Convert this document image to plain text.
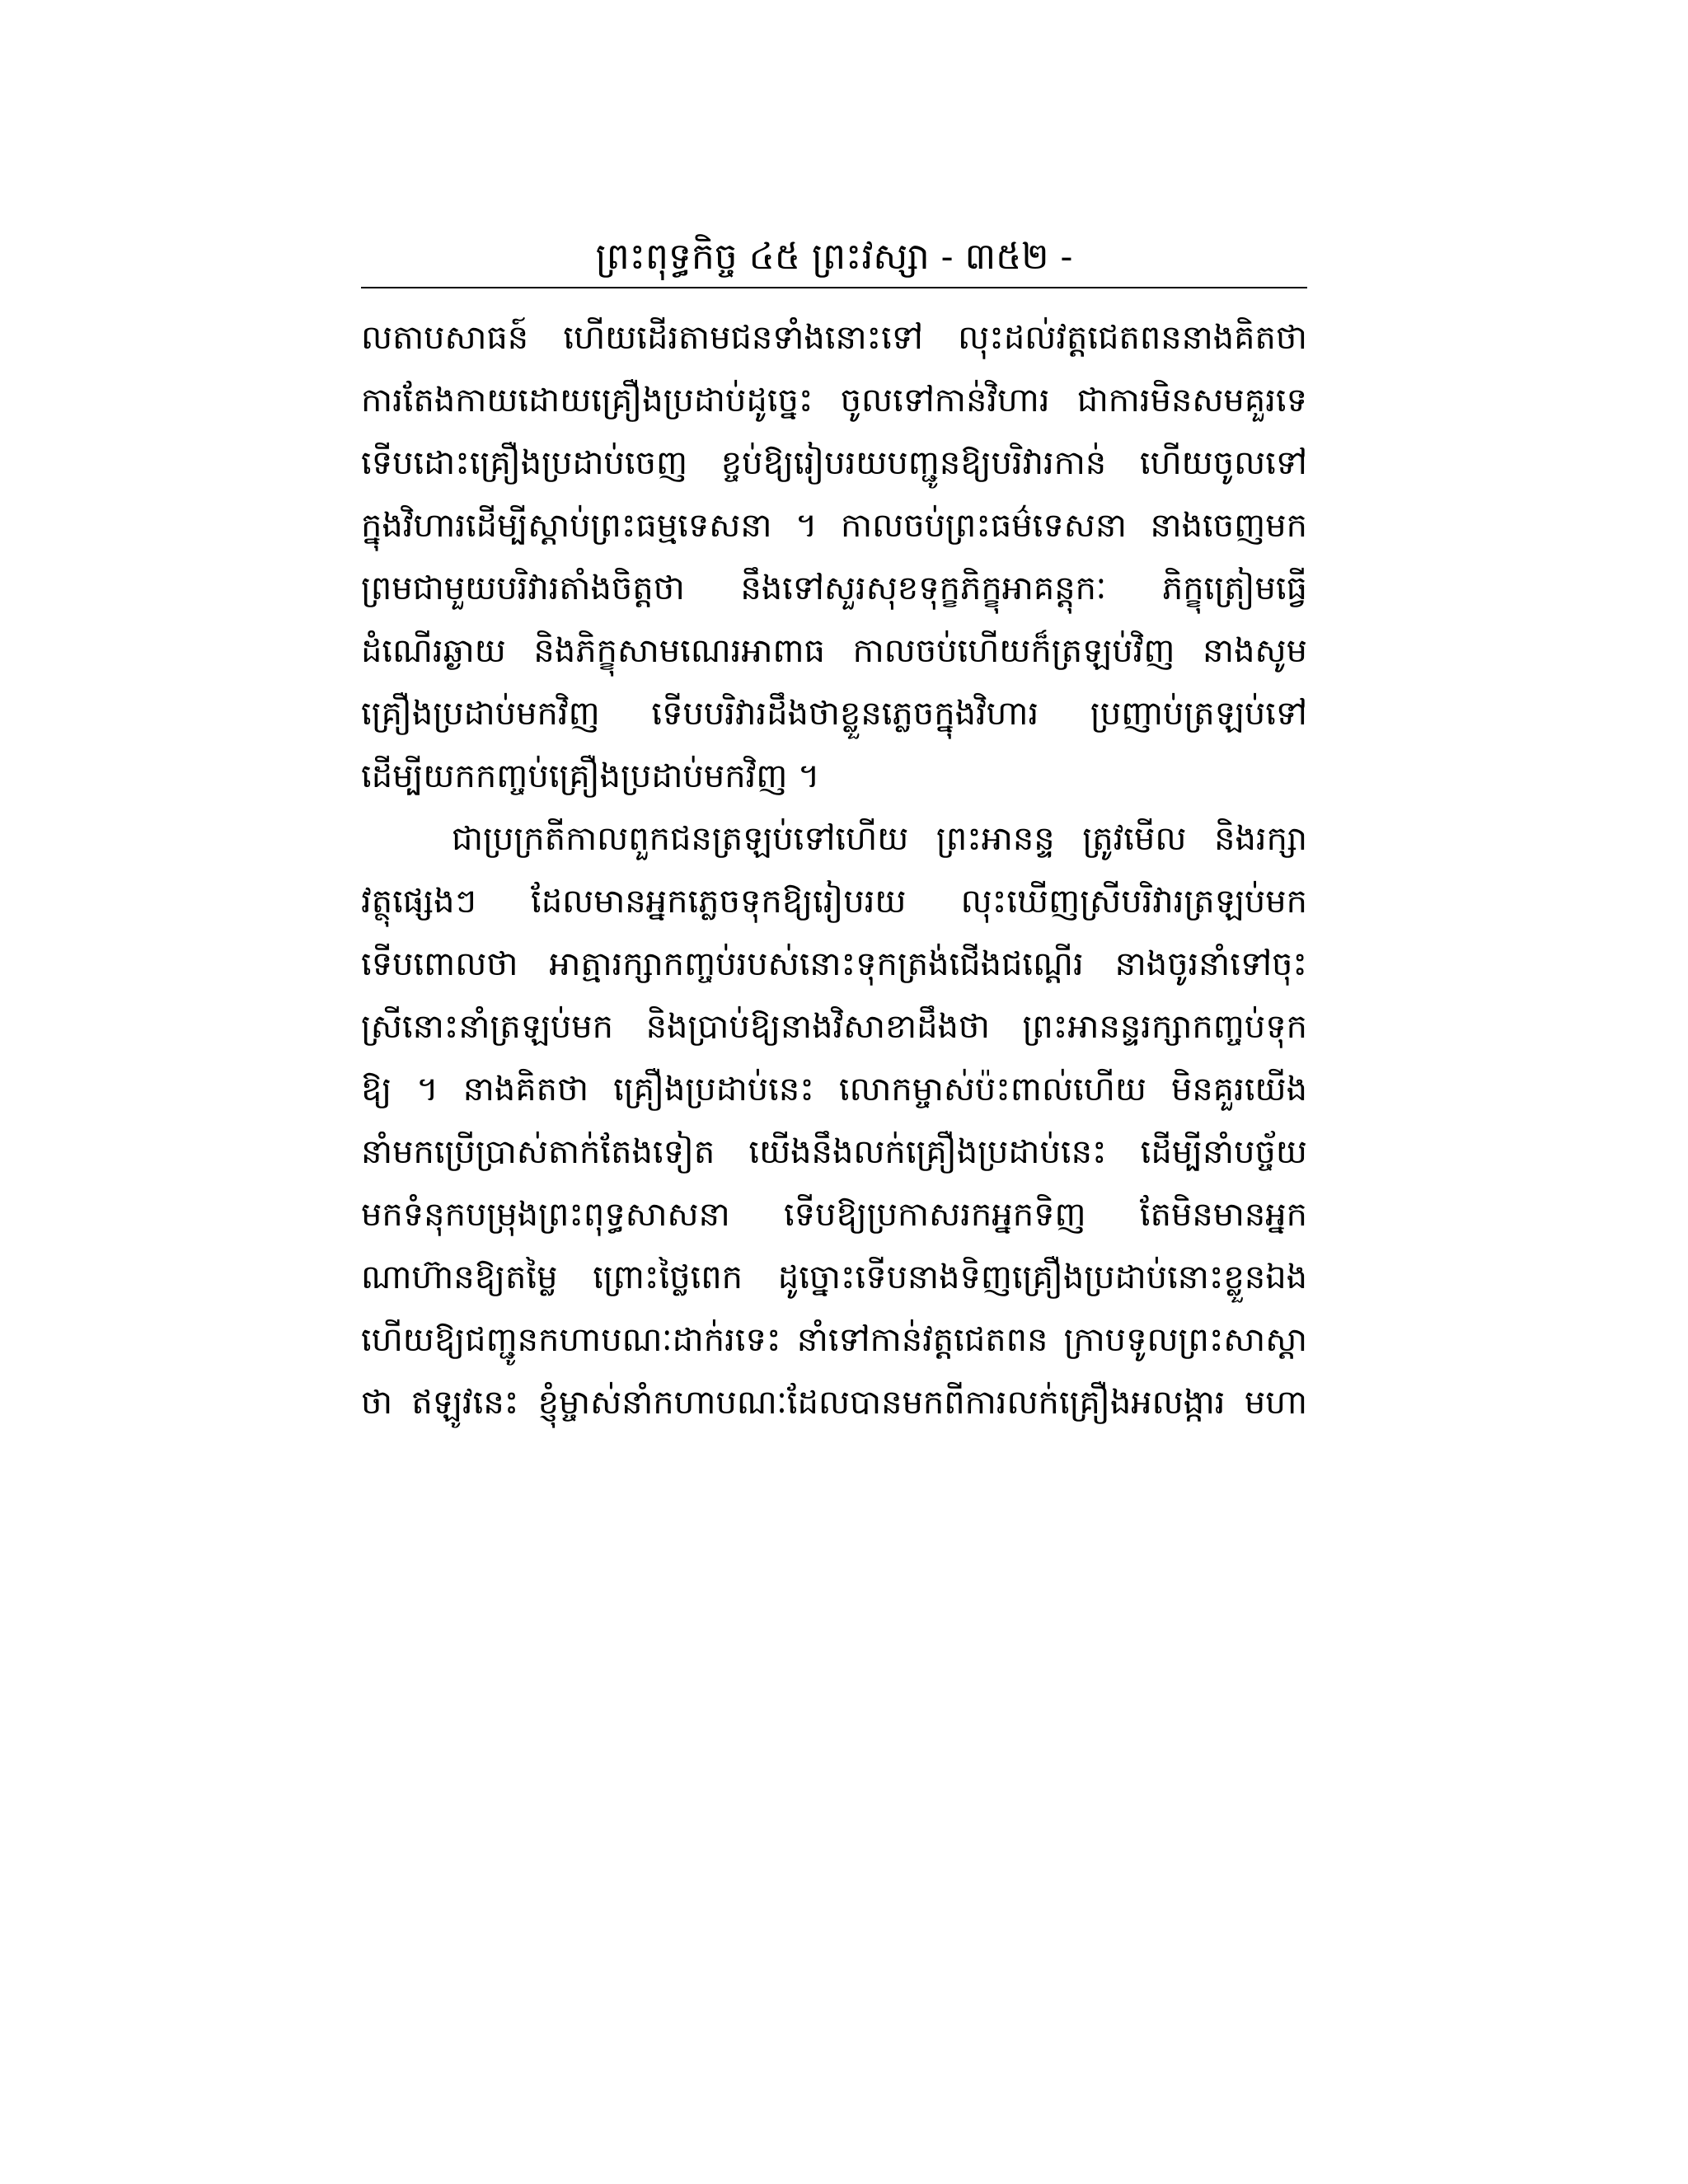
ព្រះពុទ្ធកិច្ច ៤៥ ព្រះវស្សា ‐ ៣៥២ ‐
លតាបសាធន៍ ហើយដើរតាមជនទាំងនោះទៅ លុះដល់វត្តជេតពននាងគិតថា
ការតែងកាយដោយគ្រឿងប្រដាប់ដូច្នេះ ចូលទៅកាន់វិហារ ជាការមិនសមគួរទេ
ទើបដោះគ្រឿងប្រដាប់ចេញ ខ្ចប់ឱ្យរៀបរយបញ្ជូនឱ្យបរិវារកាន់ ហើយចូលទៅ
ក្នុងវិហារដើម្បីស្ដាប់ព្រះធម្មទេសនា ។ កាលចប់ព្រះធម៌ទេសនា នាងចេញមក
ព្រមជាមួយបរិវារតាំងចិត្តថា នឹងទៅសួរសុខទុក្ខភិក្ខុអាគន្តុកៈ ភិក្ខុត្រៀមធ្វើ
ដំណើរឆ្ងាយ និងភិក្ខុសាមណេរអាពាធ កាលចប់ហើយក៏ត្រឡប់វិញ នាងសូម
គ្រឿងប្រដាប់មកវិញ ទើបបរិវារដឹងថាខ្លួនភ្លេចក្នុងវិហារ ប្រញាប់ត្រឡប់ទៅ
ដើម្បីយកកញ្ចប់គ្រឿងប្រដាប់មកវិញ ។
ជាប្រក្រតីកាលពួកជនត្រឡប់ទៅហើយ ព្រះអានន្ទ ត្រូវមើល និងរក្សា
វត្ថុផ្សេងៗ ដែលមានអ្នកភ្លេចទុកឱ្យរៀបរយ លុះឃើញស្រីបរិវារត្រឡប់មក
ទើបពោលថា អាត្មារក្សាកញ្ចប់របស់នោះទុកត្រង់ជើងជណ្ដើរ នាងចូរនាំទៅចុះ
ស្រីនោះនាំត្រឡប់មក និងប្រាប់ឱ្យនាងវិសាខាដឹងថា ព្រះអានន្ទរក្សាកញ្ចប់ទុក
ឱ្យ ។ នាងគិតថា គ្រឿងប្រដាប់នេះ លោកម្ចាស់ប៉ះពាល់ហើយ មិនគួរយើង
នាំមកប្រើប្រាស់តាក់តែងទៀត យើងនឹងលក់គ្រឿងប្រដាប់នេះ ដើម្បីនាំបច្ច័យ
មកទំនុកបម្រុងព្រះពុទ្ធសាសនា ទើបឱ្យប្រកាសរកអ្នកទិញ តែមិនមានអ្នក
ណាហ៊ានឱ្យតម្លៃ ព្រោះថ្លៃពេក ដូច្នោះទើបនាងទិញគ្រឿងប្រដាប់នោះខ្លួនឯង
ហើយឱ្យជញ្ជូនកហាបណៈដាក់រទេះ នាំទៅកាន់វត្តជេតពន ក្រាបទូលព្រះសាស្ដា
ថា ឥឡូវនេះ ខ្ញុំម្ចាស់នាំកហាបណៈដែលបានមកពីការលក់គ្រឿងអលង្ការ មហា
